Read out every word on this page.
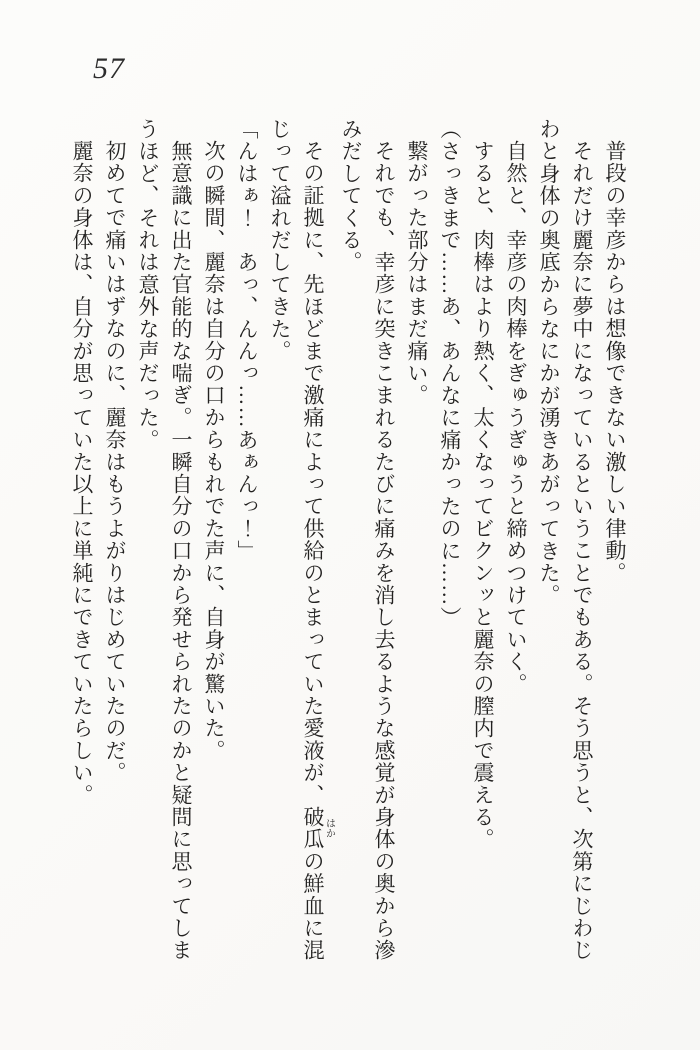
57
普段の幸彦からは想像できない激しい律動。
それだけ麗奈に夢中になっているということでもある。そう思うと、次第にじわじ
わと身体の奥底からなにかが湧きあがってきた。
自然と、幸彦の肉棒をぎゅうぎゅうと締めつけていく。
すると、肉棒はより熱く、太くなってビクンッと麗奈の膣内で震える。
（さっきまで……あ、あんなに痛かったのに……）
繋がった部分はまだ痛い。
それでも、幸彦に突きこまれるたびに痛みを消し去るような感覚が身体の奥から滲
みだしてくる。
その証拠に、先ほどまで激痛によって供給のとまっていた愛液が、破瓜はかの鮮血に混
じって溢れだしてきた。
「んはぁ！　あっ、んんっ……あぁんっ！」
次の瞬間、麗奈は自分の口からもれでた声に、自身が驚いた。
無意識に出た官能的な喘ぎ。一瞬自分の口から発せられたのかと疑問に思ってしま
うほど、それは意外な声だった。
初めてで痛いはずなのに、麗奈はもうよがりはじめていたのだ。
麗奈の身体は、自分が思っていた以上に単純にできていたらしい。
